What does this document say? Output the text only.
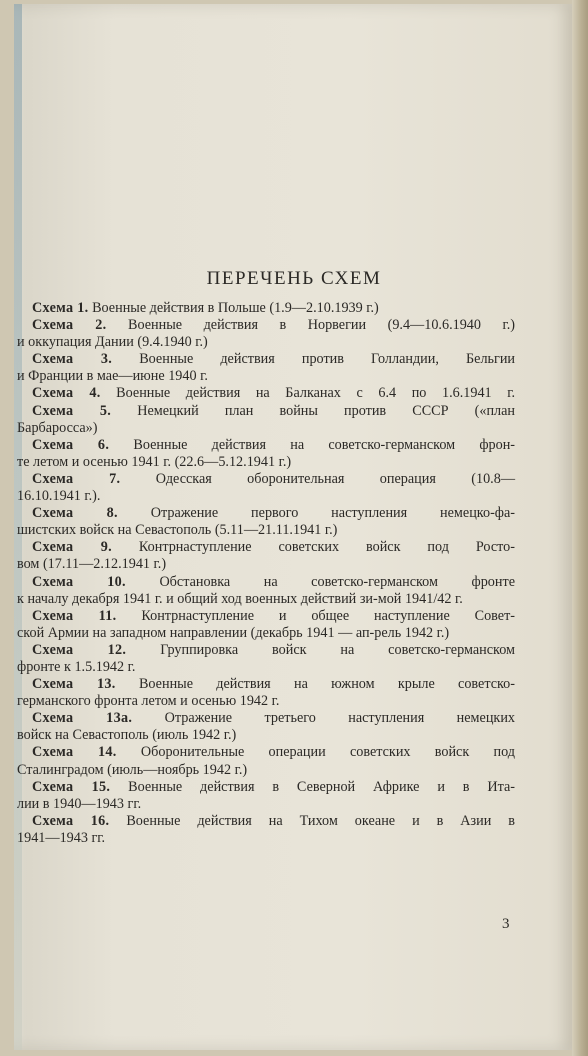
ПЕРЕЧЕНЬ СХЕМ

Схема 1. Военные действия в Польше (1.9—2.10.1939 г.)

Схема 2. Военные действия в Норвегии (9.4—10.6.1940 г.)
и оккупация Дании (9.4.1940 г.)

Схема 3. Военные действия против Голландии, Бельгии
и Франции в мае—июне 1940 г.

Схема 4. Военные действия на Балканах с 6.4 по 1.6.1941 г.

Схема 5. Немецкий план войны против СССР («план
Барбаросса»)

Схема 6. Военные действия на советско-германском фрон-
те летом и осенью 1941 г. (22.6—5.12.1941 г.)

Схема 7. Одесская оборонительная операция (10.8—
16.10.1941 г.).

Схема 8. Отражение первого наступления немецко-фа-
шистских войск на Севастополь (5.11—21.11.1941 г.)

Схема 9. Контрнаступление советских войск под Росто-
вом (17.11—2.12.1941 г.)

Схема 10. Обстановка на советско-германском фронте
к началу декабря 1941 г. и общий ход военных действий зи-мой 1941/42 г.

Схема 11. Контрнаступление и общее наступление Совет-
ской Армии на западном направлении (декабрь 1941 — ап-рель 1942 г.)

Схема 12. Группировка войск на советско-германском
фронте к 1.5.1942 г.

Схема 13. Военные действия на южном крыле советско-
германского фронта летом и осенью 1942 г.

Схема 13а. Отражение третьего наступления немецких
войск на Севастополь (июль 1942 г.)

Схема 14. Оборонительные операции советских войск под
Сталинградом (июль—ноябрь 1942 г.)

Схема 15. Военные действия в Северной Африке и в Ита-
лии в 1940—1943 гг.

Схема 16. Военные действия на Тихом океане и в Азии в
1941—1943 гг.

3
